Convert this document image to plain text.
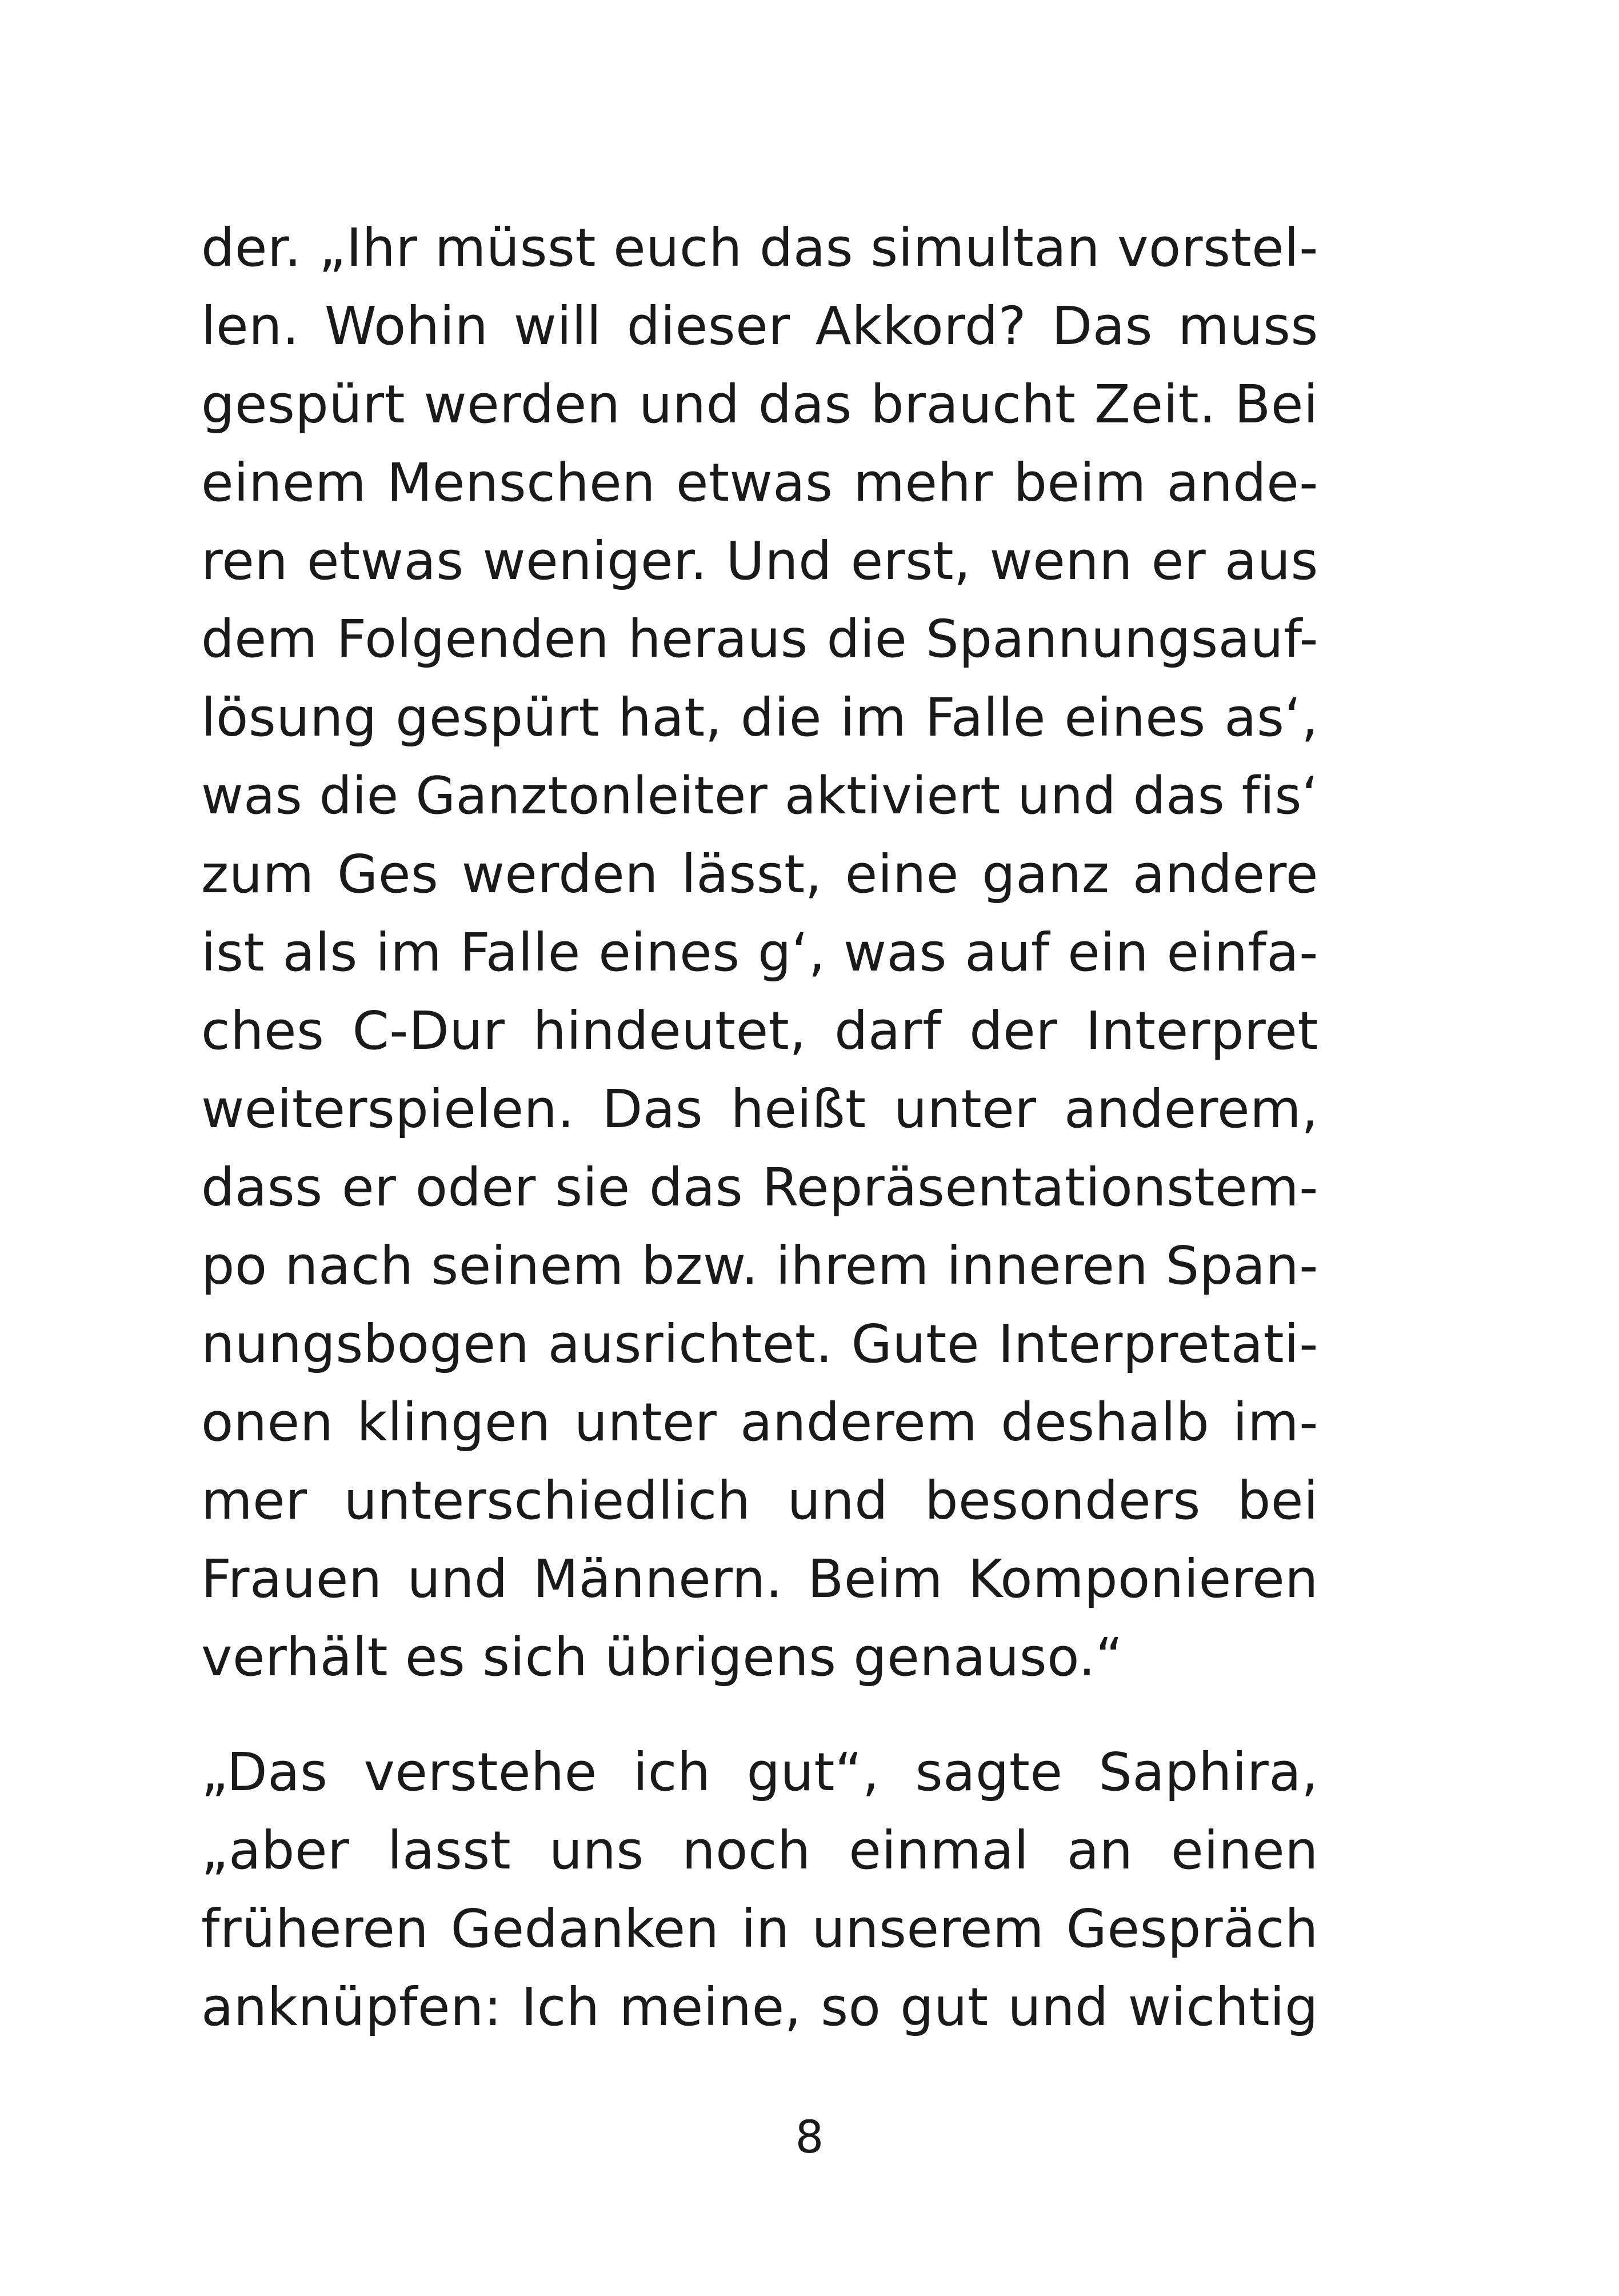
der. „Ihr müsst euch das simultan vorstel-
len. Wohin will dieser Akkord? Das muss
gespürt werden und das braucht Zeit. Bei
einem Menschen etwas mehr beim ande-
ren etwas weniger. Und erst, wenn er aus
dem Folgenden heraus die Spannungsauf-
lösung gespürt hat, die im Falle eines as‘,
was die Ganztonleiter aktiviert und das fis‘
zum Ges werden lässt, eine ganz andere
ist als im Falle eines g‘, was auf ein einfa-
ches C-Dur hindeutet, darf der Interpret
weiterspielen. Das heißt unter anderem,
dass er oder sie das Repräsentationstem-
po nach seinem bzw. ihrem inneren Span-
nungsbogen ausrichtet. Gute Interpretati-
onen klingen unter anderem deshalb im-
mer unterschiedlich und besonders bei
Frauen und Männern. Beim Komponieren
verhält es sich übrigens genauso.“
„Das verstehe ich gut“, sagte Saphira,
„aber lasst uns noch einmal an einen
früheren Gedanken in unserem Gespräch
anknüpfen: Ich meine, so gut und wichtig
8
